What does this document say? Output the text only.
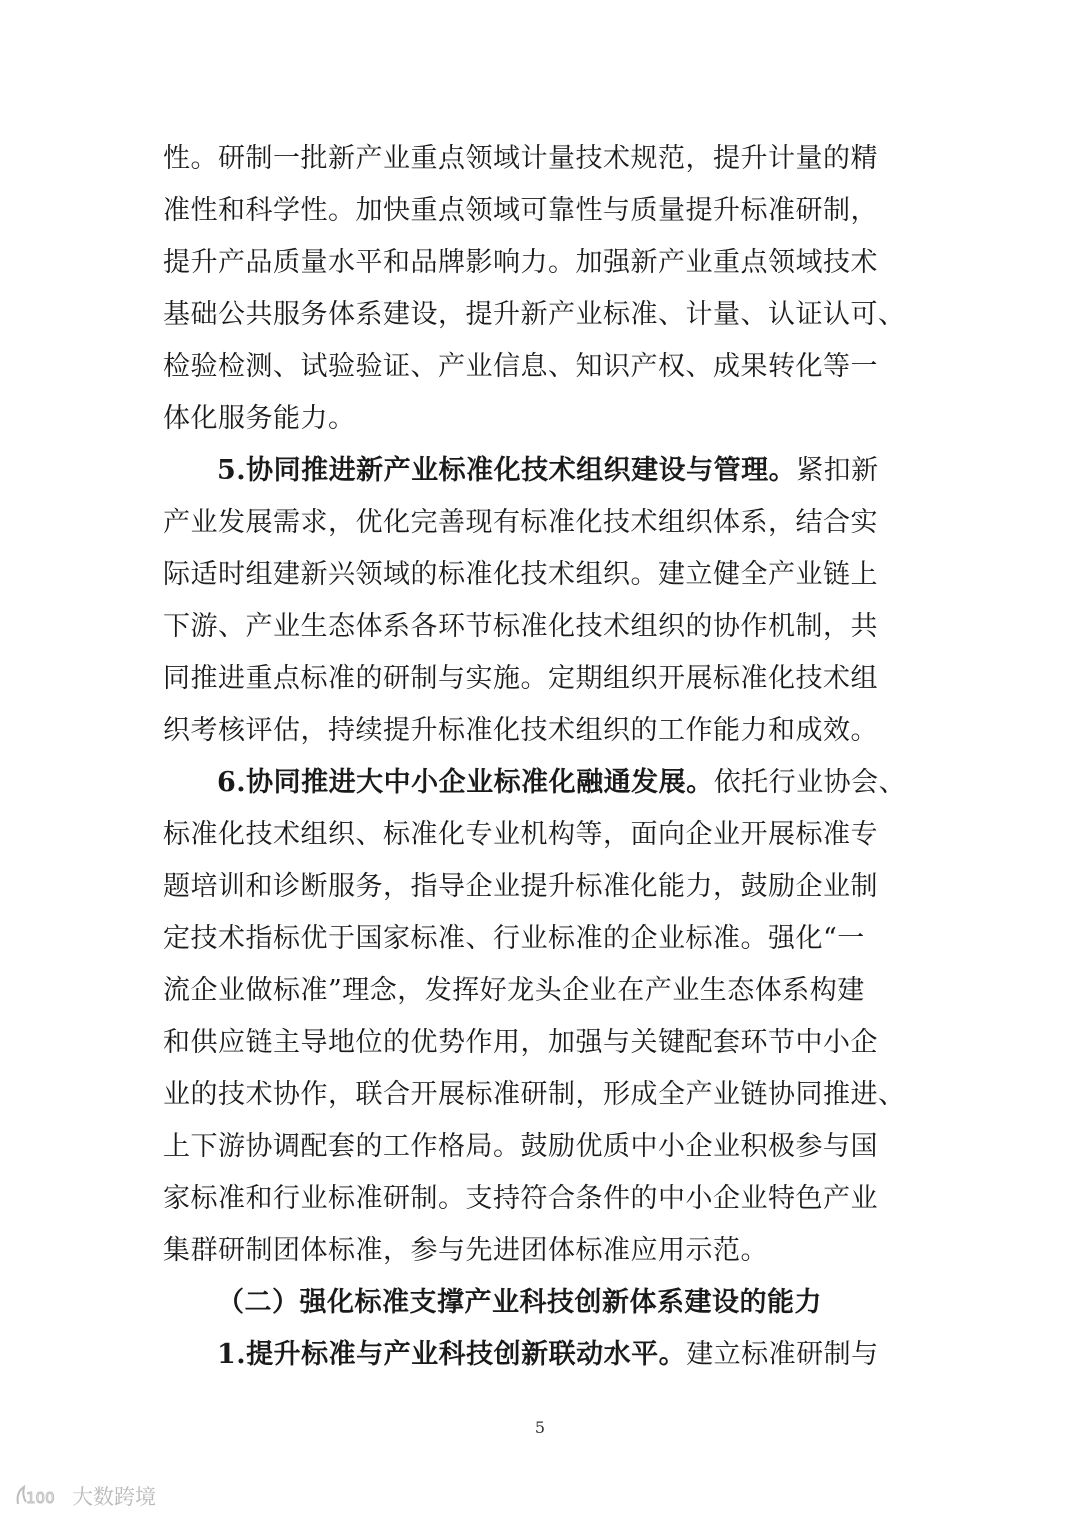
性。研制一批新产业重点领域计量技术规范，提升计量的精
准性和科学性。加快重点领域可靠性与质量提升标准研制，
提升产品质量水平和品牌影响力。加强新产业重点领域技术
基础公共服务体系建设，提升新产业标准、计量、认证认可、
检验检测、试验验证、产业信息、知识产权、成果转化等一
体化服务能力。
5.协同推进新产业标准化技术组织建设与管理。紧扣新
产业发展需求，优化完善现有标准化技术组织体系，结合实
际适时组建新兴领域的标准化技术组织。建立健全产业链上
下游、产业生态体系各环节标准化技术组织的协作机制，共
同推进重点标准的研制与实施。定期组织开展标准化技术组
织考核评估，持续提升标准化技术组织的工作能力和成效。
6.协同推进大中小企业标准化融通发展。依托行业协会、
标准化技术组织、标准化专业机构等，面向企业开展标准专
题培训和诊断服务，指导企业提升标准化能力，鼓励企业制
定技术指标优于国家标准、行业标准的企业标准。强化“一
流企业做标准”理念，发挥好龙头企业在产业生态体系构建
和供应链主导地位的优势作用，加强与关键配套环节中小企
业的技术协作，联合开展标准研制，形成全产业链协同推进、
上下游协调配套的工作格局。鼓励优质中小企业积极参与国
家标准和行业标准研制。支持符合条件的中小企业特色产业
集群研制团体标准，参与先进团体标准应用示范。
（二）强化标准支撑产业科技创新体系建设的能力
1.提升标准与产业科技创新联动水平。建立标准研制与
5
100 大数跨境
